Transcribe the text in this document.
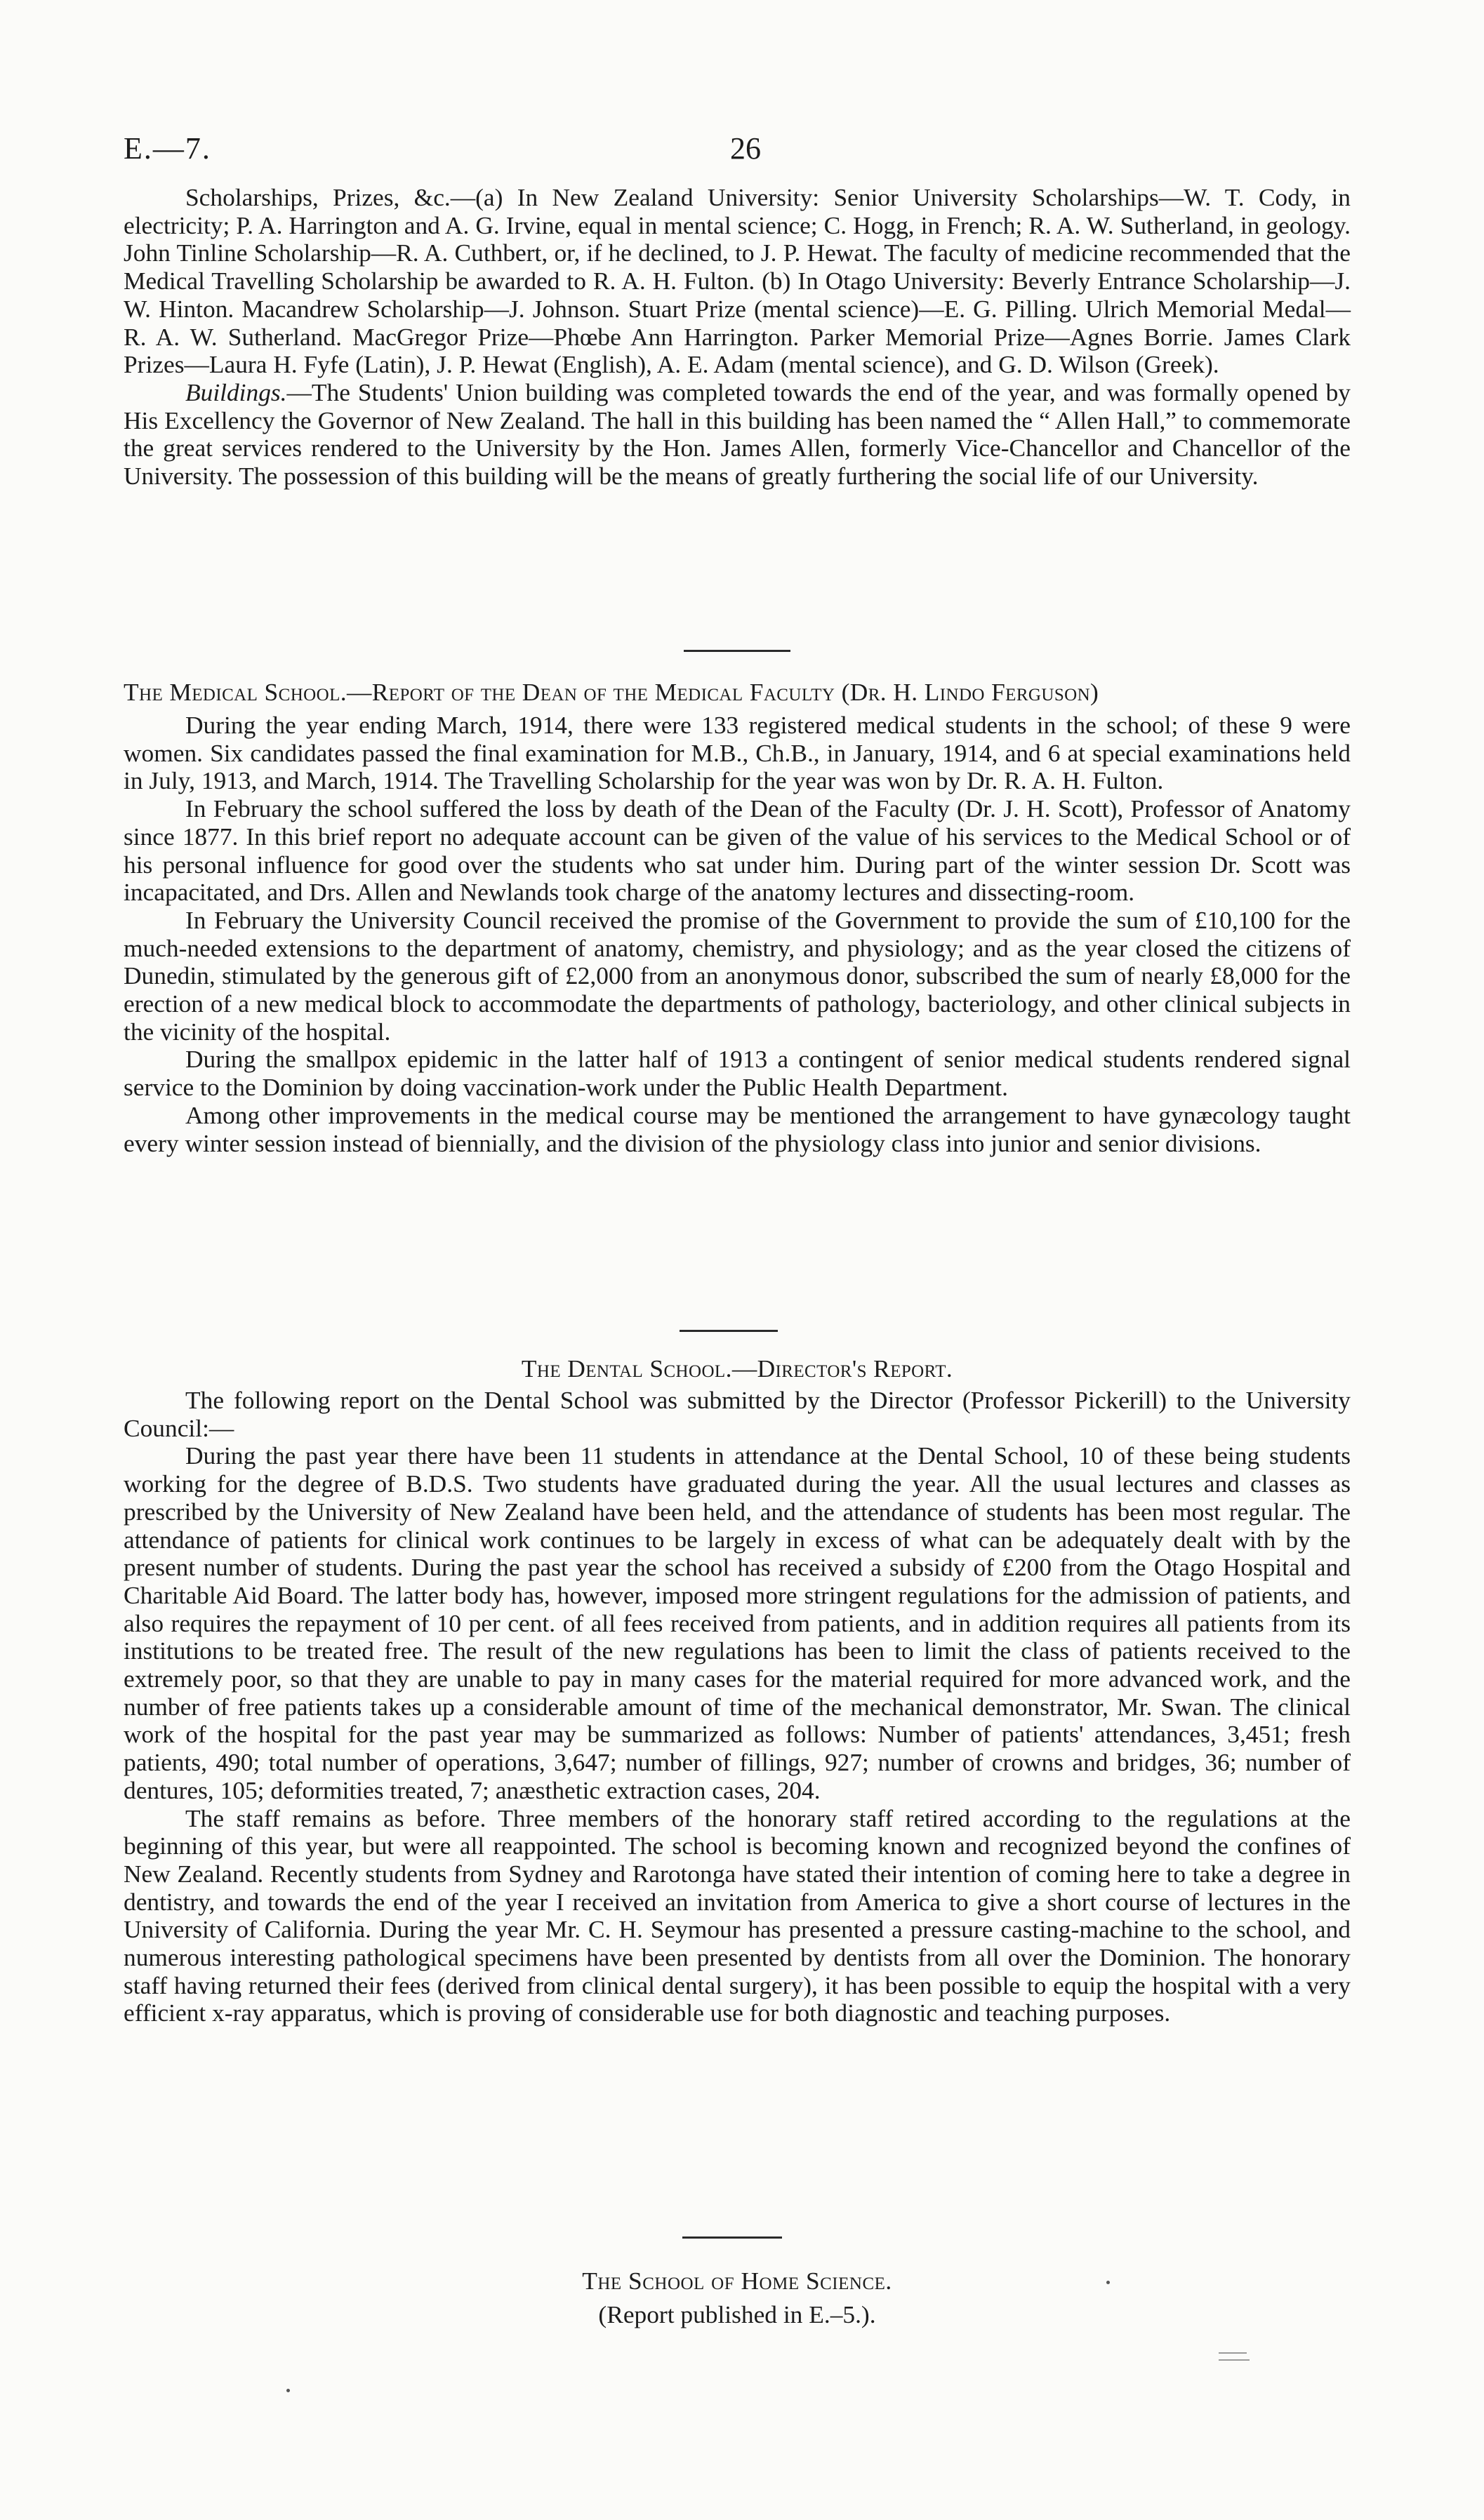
E.—7.	26

Scholarships, Prizes, &c.—(a) In New Zealand University: Senior University Scholarships—W. T. Cody, in electricity; P. A. Harrington and A. G. Irvine, equal in mental science; C. Hogg, in French; R. A. W. Sutherland, in geology. John Tinline Scholarship—R. A. Cuthbert, or, if he declined, to J. P. Hewat. The faculty of medicine recommended that the Medical Travelling Scholarship be awarded to R. A. H. Fulton. (b) In Otago University: Beverly Entrance Scholarship—J. W. Hinton. Macandrew Scholarship—J. Johnson. Stuart Prize (mental science)—E. G. Pilling. Ulrich Memorial Medal—R. A. W. Sutherland. MacGregor Prize—Phœbe Ann Harrington. Parker Memorial Prize—Agnes Borrie. James Clark Prizes—Laura H. Fyfe (Latin), J. P. Hewat (English), A. E. Adam (mental science), and G. D. Wilson (Greek).

Buildings.—The Students' Union building was completed towards the end of the year, and was formally opened by His Excellency the Governor of New Zealand. The hall in this building has been named the “ Allen Hall,” to commemorate the great services rendered to the University by the Hon. James Allen, formerly Vice-Chancellor and Chancellor of the University. The possession of this building will be the means of greatly furthering the social life of our University.

The Medical School.—Report of the Dean of the Medical Faculty (Dr. H. Lindo Ferguson)

During the year ending March, 1914, there were 133 registered medical students in the school; of these 9 were women. Six candidates passed the final examination for M.B., Ch.B., in January, 1914, and 6 at special examinations held in July, 1913, and March, 1914. The Travelling Scholarship for the year was won by Dr. R. A. H. Fulton.

In February the school suffered the loss by death of the Dean of the Faculty (Dr. J. H. Scott), Professor of Anatomy since 1877. In this brief report no adequate account can be given of the value of his services to the Medical School or of his personal influence for good over the students who sat under him. During part of the winter session Dr. Scott was incapacitated, and Drs. Allen and Newlands took charge of the anatomy lectures and dissecting-room.

In February the University Council received the promise of the Government to provide the sum of £10,100 for the much-needed extensions to the department of anatomy, chemistry, and physiology; and as the year closed the citizens of Dunedin, stimulated by the generous gift of £2,000 from an anonymous donor, subscribed the sum of nearly £8,000 for the erection of a new medical block to accommodate the departments of pathology, bacteriology, and other clinical subjects in the vicinity of the hospital.

During the smallpox epidemic in the latter half of 1913 a contingent of senior medical students rendered signal service to the Dominion by doing vaccination-work under the Public Health Department.

Among other improvements in the medical course may be mentioned the arrangement to have gynæcology taught every winter session instead of biennially, and the division of the physiology class into junior and senior divisions.

The Dental School.—Director's Report.

The following report on the Dental School was submitted by the Director (Professor Pickerill) to the University Council:—

During the past year there have been 11 students in attendance at the Dental School, 10 of these being students working for the degree of B.D.S. Two students have graduated during the year. All the usual lectures and classes as prescribed by the University of New Zealand have been held, and the attendance of students has been most regular. The attendance of patients for clinical work continues to be largely in excess of what can be adequately dealt with by the present number of students. During the past year the school has received a subsidy of £200 from the Otago Hospital and Charitable Aid Board. The latter body has, however, imposed more stringent regulations for the admission of patients, and also requires the repayment of 10 per cent. of all fees received from patients, and in addition requires all patients from its institutions to be treated free. The result of the new regulations has been to limit the class of patients received to the extremely poor, so that they are unable to pay in many cases for the material required for more advanced work, and the number of free patients takes up a considerable amount of time of the mechanical demonstrator, Mr. Swan. The clinical work of the hospital for the past year may be summarized as follows: Number of patients' attendances, 3,451; fresh patients, 490; total number of operations, 3,647; number of fillings, 927; number of crowns and bridges, 36; number of dentures, 105; deformities treated, 7; anæsthetic extraction cases, 204.

The staff remains as before. Three members of the honorary staff retired according to the regulations at the beginning of this year, but were all reappointed. The school is becoming known and recognized beyond the confines of New Zealand. Recently students from Sydney and Rarotonga have stated their intention of coming here to take a degree in dentistry, and towards the end of the year I received an invitation from America to give a short course of lectures in the University of California. During the year Mr. C. H. Seymour has presented a pressure casting-machine to the school, and numerous interesting pathological specimens have been presented by dentists from all over the Dominion. The honorary staff having returned their fees (derived from clinical dental surgery), it has been possible to equip the hospital with a very efficient x-ray apparatus, which is proving of considerable use for both diagnostic and teaching purposes.

The School of Home Science.
(Report published in E.–5.).
